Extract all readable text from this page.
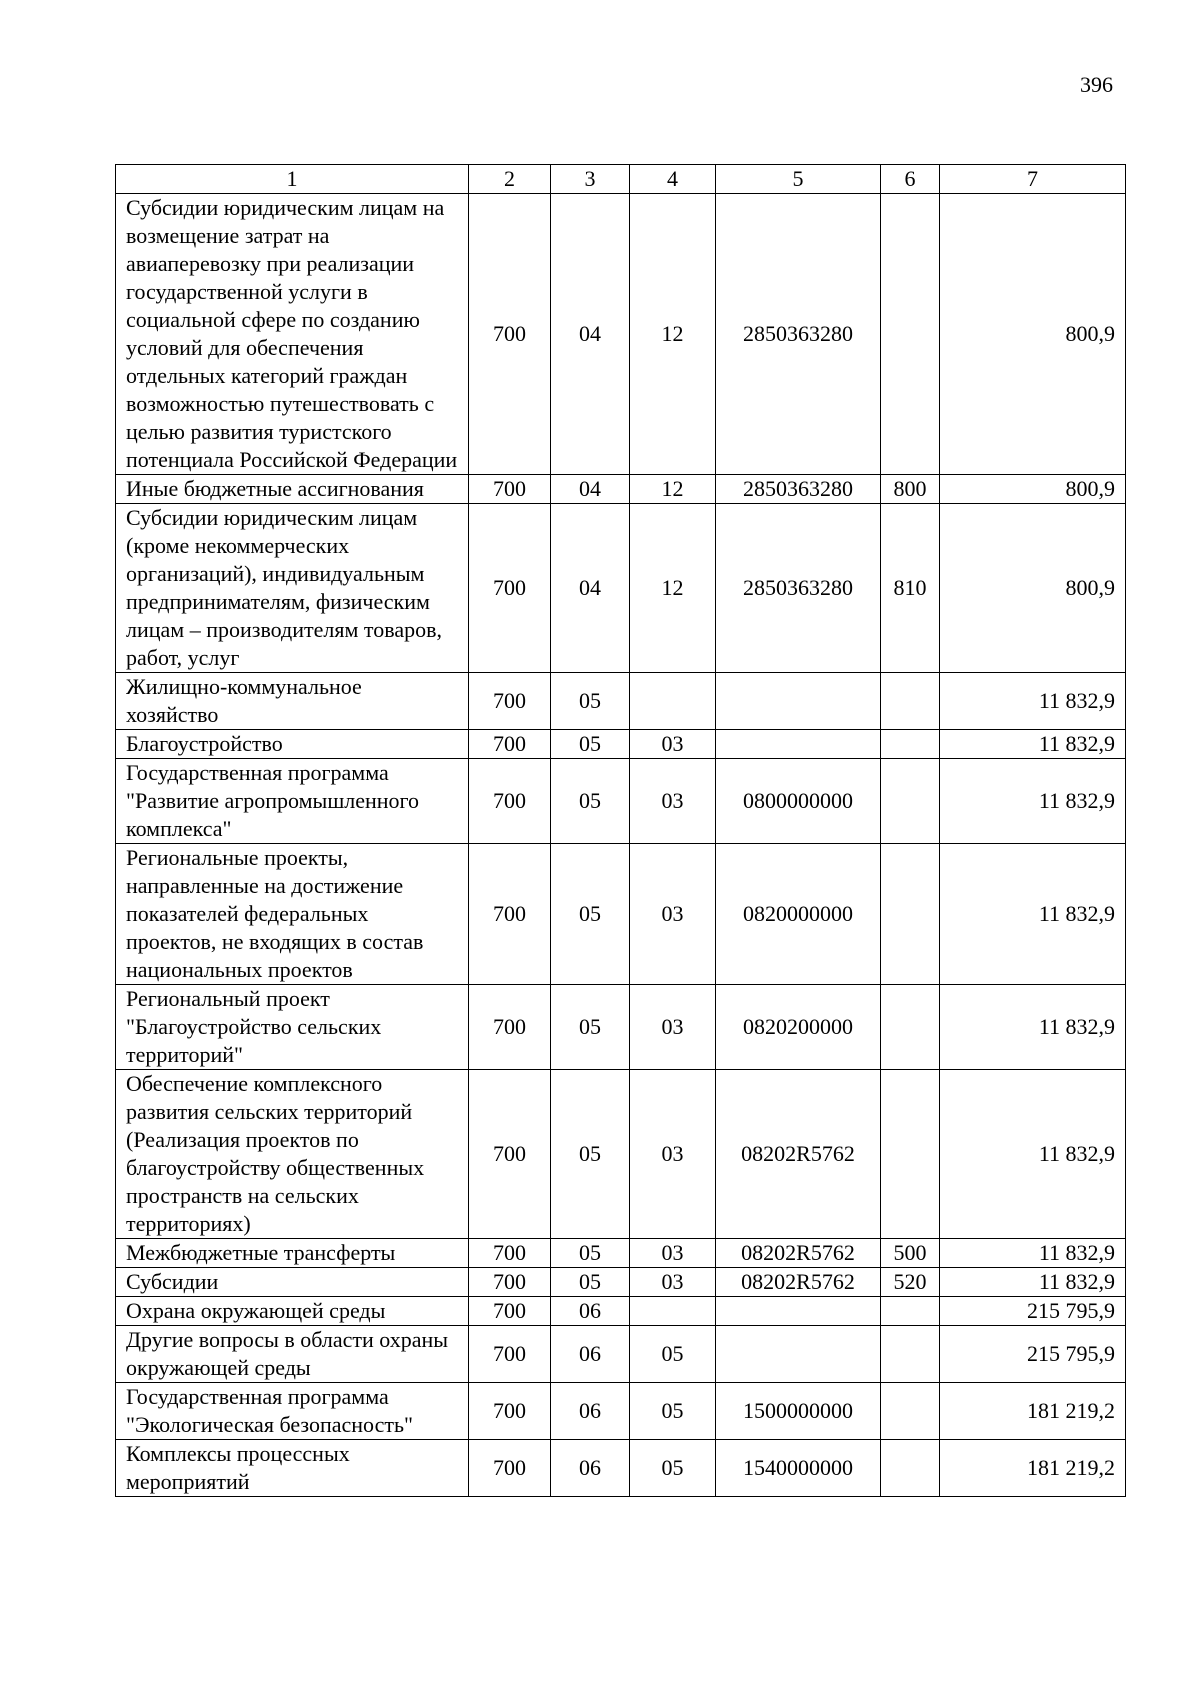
396
1	2	3	4	5	6	7
Субсидии юридическим лицам на возмещение затрат на авиаперевозку при реализации государственной услуги в социальной сфере по созданию условий для обеспечения отдельных категорий граждан возможностью путешествовать с целью развития туристского потенциала Российской Федерации	700	04	12	2850363280		800,9
Иные бюджетные ассигнования	700	04	12	2850363280	800	800,9
Субсидии юридическим лицам (кроме некоммерческих организаций), индивидуальным предпринимателям, физическим лицам – производителям товаров, работ, услуг	700	04	12	2850363280	810	800,9
Жилищно-коммунальное хозяйство	700	05				11 832,9
Благоустройство	700	05	03			11 832,9
Государственная программа "Развитие агропромышленного комплекса"	700	05	03	0800000000		11 832,9
Региональные проекты, направленные на достижение показателей федеральных проектов, не входящих в состав национальных проектов	700	05	03	0820000000		11 832,9
Региональный проект "Благоустройство сельских территорий"	700	05	03	0820200000		11 832,9
Обеспечение комплексного развития сельских территорий (Реализация проектов по благоустройству общественных пространств на сельских территориях)	700	05	03	08202R5762		11 832,9
Межбюджетные трансферты	700	05	03	08202R5762	500	11 832,9
Субсидии	700	05	03	08202R5762	520	11 832,9
Охрана окружающей среды	700	06				215 795,9
Другие вопросы в области охраны окружающей среды	700	06	05			215 795,9
Государственная программа "Экологическая безопасность"	700	06	05	1500000000		181 219,2
Комплексы процессных мероприятий	700	06	05	1540000000		181 219,2
